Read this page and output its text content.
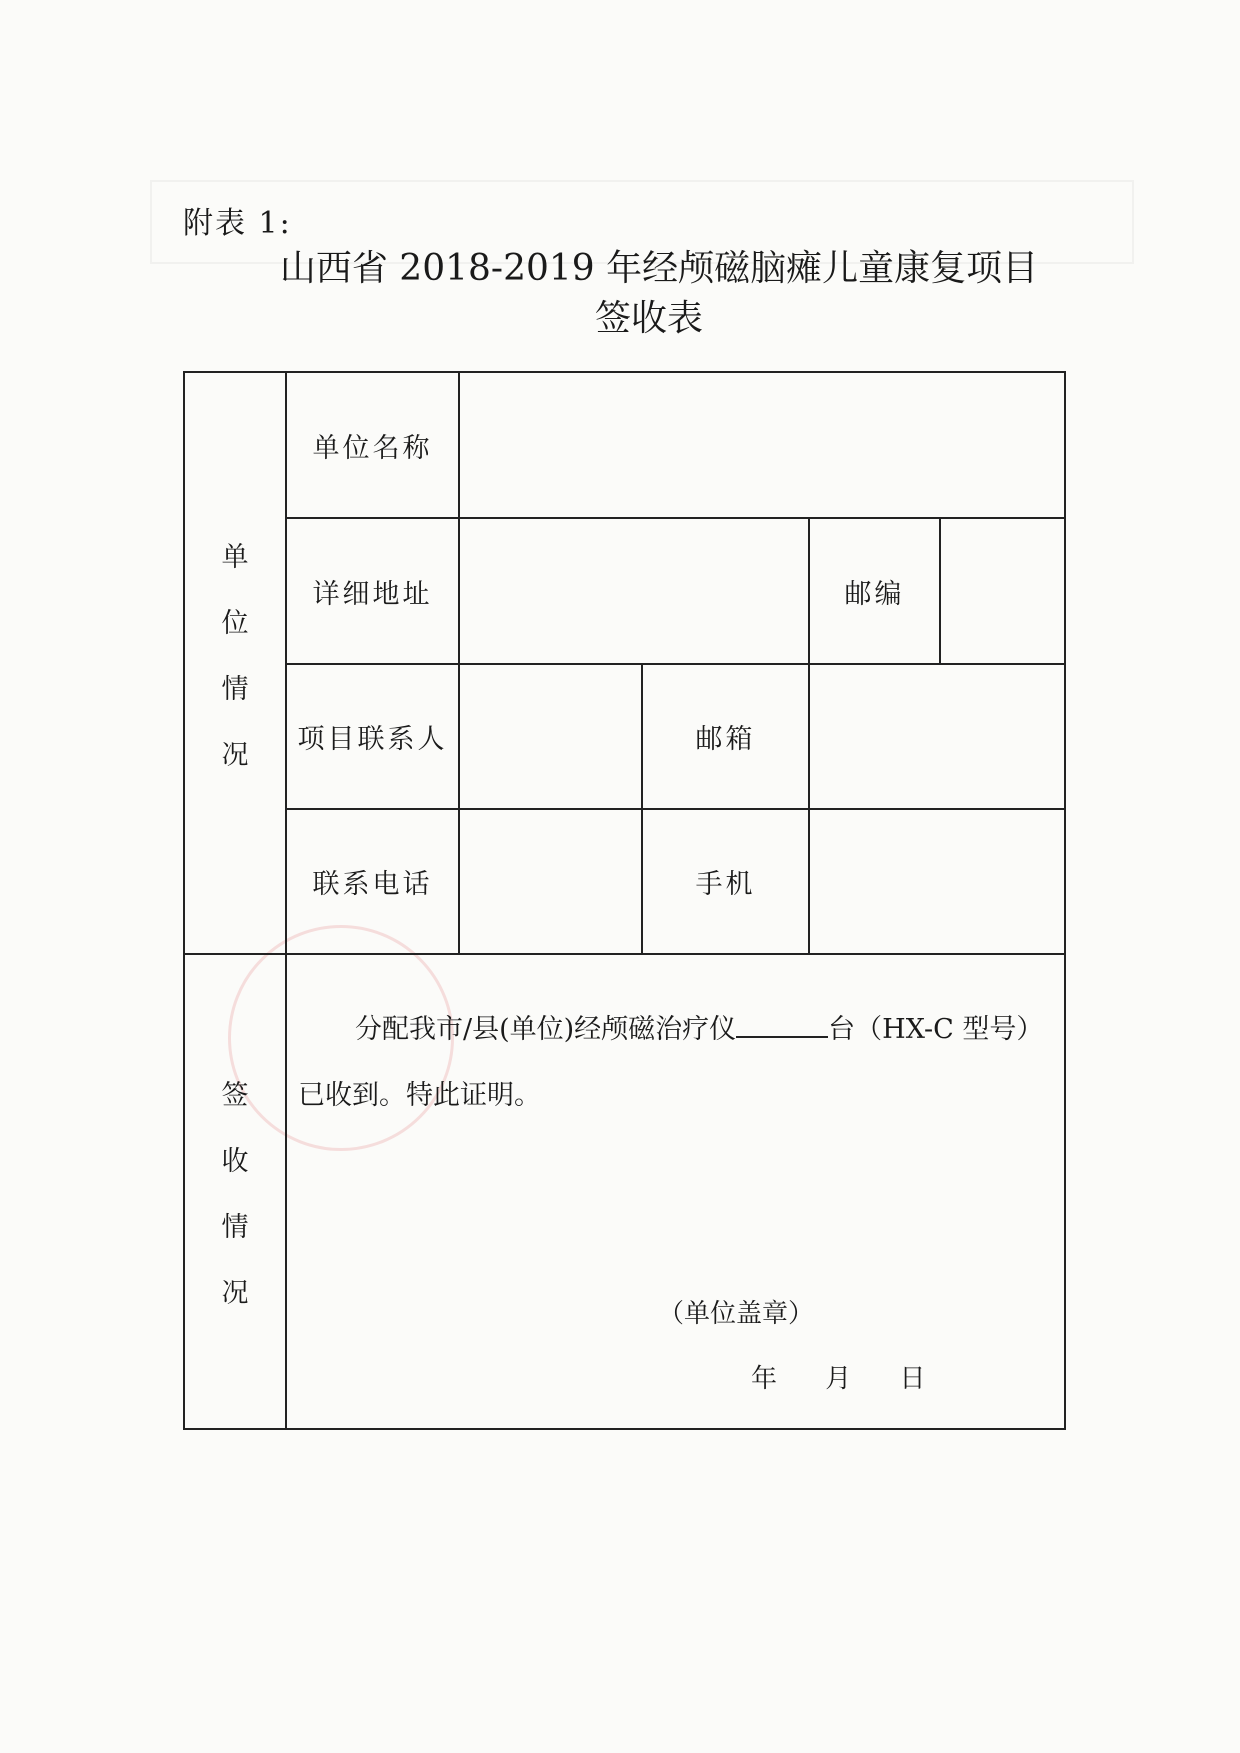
附表 1:
山西省 2018-2019 年经颅磁脑瘫儿童康复项目
签收表
单
位
情
况
单位名称
详细地址	邮编
项目联系人	邮箱
联系电话	手机
签
收
情
况
分配我市/县(单位)经颅磁治疗仪	台（HX-C 型号）
已收到。特此证明。
（单位盖章）
年 月 日
